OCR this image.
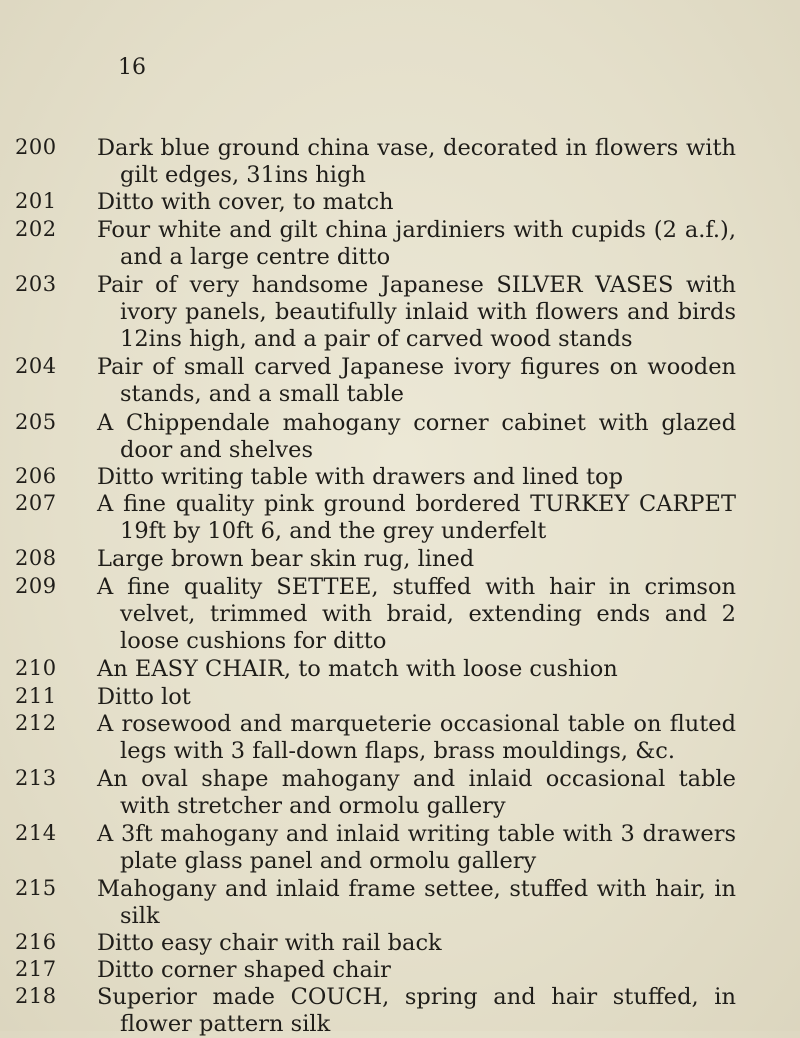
16
200 Dark blue ground china vase, decorated in flowers with gilt edges, 31ins high

201 Ditto with cover, to match

202 Four white and gilt china jardiniers with cupids (2 a.f.), and a large centre ditto

203 Pair of very handsome Japanese SILVER VASES with ivory panels, beautifully inlaid with flowers and birds 12ins high, and a pair of carved wood stands

204 Pair of small carved Japanese ivory figures on wooden stands, and a small table

205 A Chippendale mahogany corner cabinet with glazed door and shelves

206 Ditto writing table with drawers and lined top

207 A fine quality pink ground bordered TURKEY CARPET 19ft by 10ft 6, and the grey underfelt

208 Large brown bear skin rug, lined

209 A fine quality SETTEE, stuffed with hair in crimson velvet, trimmed with braid, extending ends and 2 loose cushions for ditto

210 An EASY CHAIR, to match with loose cushion

211 Ditto lot

212 A rosewood and marqueterie occasional table on fluted legs with 3 fall-down flaps, brass mouldings, &c.

213 An oval shape mahogany and inlaid occasional table with stretcher and ormolu gallery

214 A 3ft mahogany and inlaid writing table with 3 drawers plate glass panel and ormolu gallery

215 Mahogany and inlaid frame settee, stuffed with hair, in silk

216 Ditto easy chair with rail back

217 Ditto corner shaped chair

218 Superior made COUCH, spring and hair stuffed, in flower pattern silk
